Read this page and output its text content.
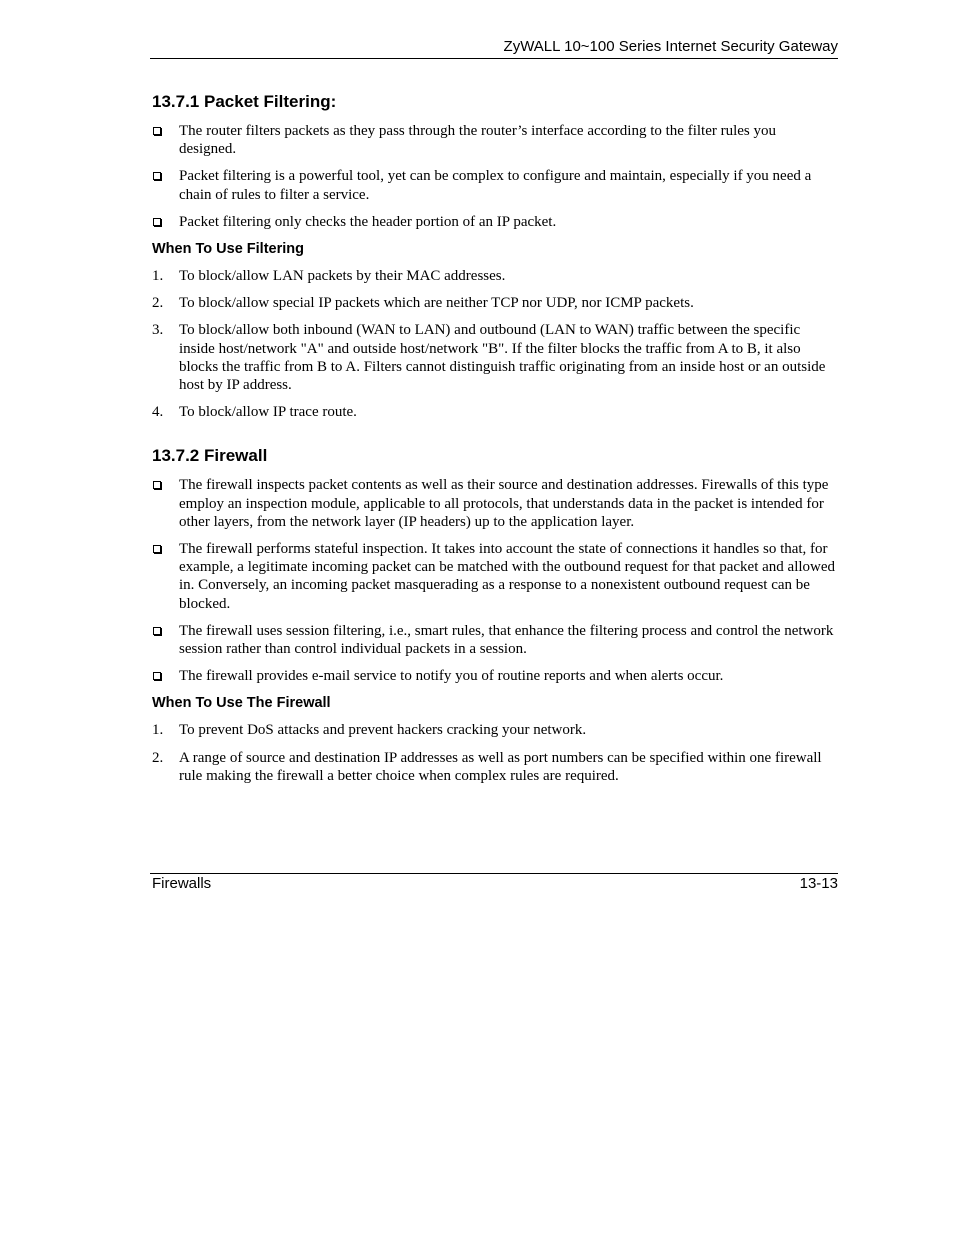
ZyWALL 10~100 Series Internet Security Gateway
13.7.1 Packet Filtering:
The router filters packets as they pass through the router’s interface according to the filter rules you designed.
Packet filtering is a powerful tool, yet can be complex to configure and maintain, especially if you need a chain of rules to filter a service.
Packet filtering only checks the header portion of an IP packet.
When To Use Filtering
1. To block/allow LAN packets by their MAC addresses.
2. To block/allow special IP packets which are neither TCP nor UDP, nor ICMP packets.
3. To block/allow both inbound (WAN to LAN) and outbound (LAN to WAN) traffic between the specific inside host/network "A" and outside host/network "B". If the filter blocks the traffic from A to B, it also blocks the traffic from B to A. Filters cannot distinguish traffic originating from an inside host or an outside host by IP address.
4. To block/allow IP trace route.
13.7.2 Firewall
The firewall inspects packet contents as well as their source and destination addresses. Firewalls of this type employ an inspection module, applicable to all protocols, that understands data in the packet is intended for other layers, from the network layer (IP headers) up to the application layer.
The firewall performs stateful inspection. It takes into account the state of connections it handles so that, for example, a legitimate incoming packet can be matched with the outbound request for that packet and allowed in. Conversely, an incoming packet masquerading as a response to a nonexistent outbound request can be blocked.
The firewall uses session filtering, i.e., smart rules, that enhance the filtering process and control the network session rather than control individual packets in a session.
The firewall provides e-mail service to notify you of routine reports and when alerts occur.
When To Use The Firewall
1. To prevent DoS attacks and prevent hackers cracking your network.
2. A range of source and destination IP addresses as well as port numbers can be specified within one firewall rule making the firewall a better choice when complex rules are required.
Firewalls	13-13
